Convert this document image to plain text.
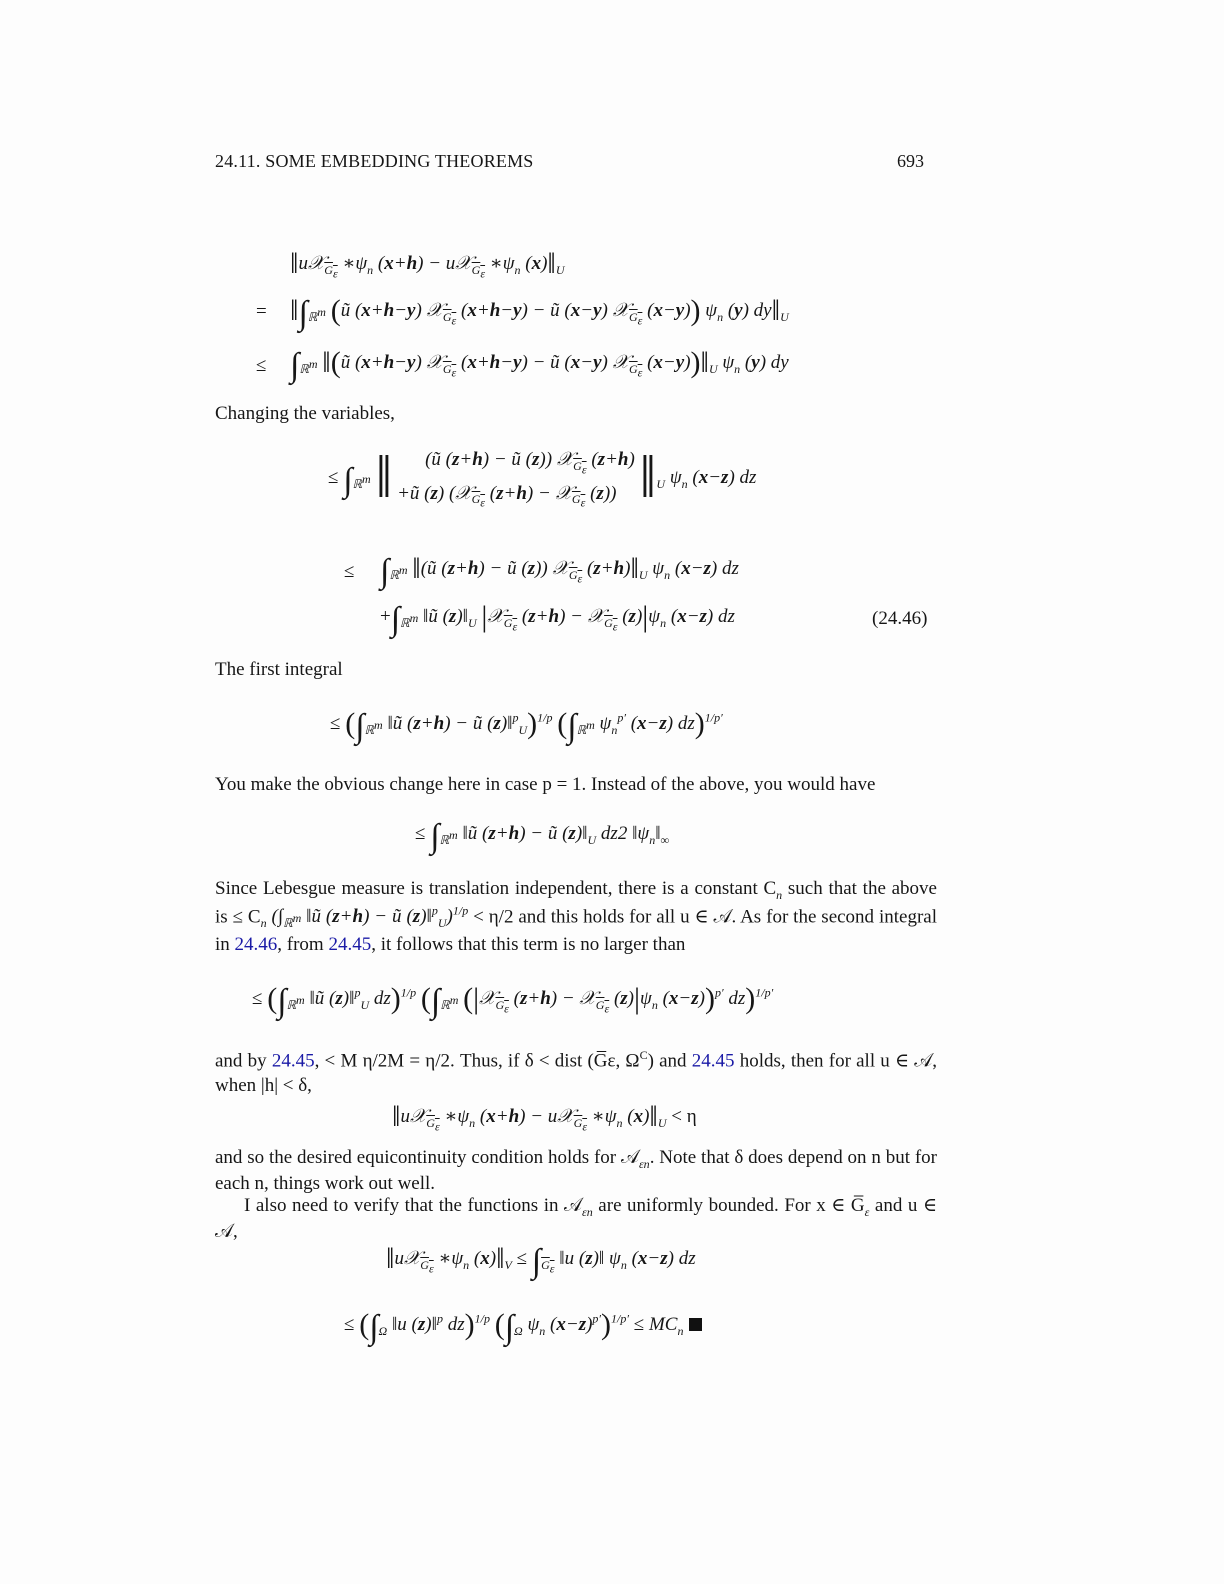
24.11. SOME EMBEDDING THEOREMS	693
‖u𝒳$_{G_\varepsilon}$ $∗\psi_n$ (x+h) − u𝒳$_{G_\varepsilon}$ $∗\psi_n$ $(x)‖_U$
= $‖\int_{ℝ^m}$ (ũ (x+h−y) 𝒳$_{G_\varepsilon}$ (x+h−y) − ũ (x−y) 𝒳$_{G_\varepsilon}$ (x−y)) $\psi_n$ (y) $dy‖_U$
≤ $\int_{ℝ^m}$ ‖(ũ (x+h−y) 𝒳$_{G_\varepsilon}$ (x+h−y) − ũ (x−y) 𝒳$_{G_\varepsilon}$ $(x-y))‖_U$ $\psi_n$ (y) dy
Changing the variables,
≤ $\int_{ℝ^m}$ ‖	(ũ (z+h) − ũ (z)) 𝒳$_{G_\varepsilon}$ (z+h)
+ũ (z) (𝒳$_{G_\varepsilon}$ (z+h) − 𝒳$_{G_\varepsilon}$ (z)) $‖_U$ $\psi_n$ (x−z) dz
≤ $\int_{ℝ^m}$ ‖(ũ (z+h) − ũ (z)) 𝒳$_{G_\varepsilon}$ $(z+h)‖_U$ $\psi_n$ (x−z) dz
$+\int_{ℝ^m}$ ‖ũ $(z)‖_U$ |𝒳$_{G_\varepsilon}$ (z+h) − 𝒳$_{G_\varepsilon}$ $(z)|\psi_n$ (x−z) dz	(24.46)
The first integral
≤ ($\int_{ℝ^m}$ ‖ũ (z+h) − ũ (z)‖$^p_U$)$^{1/p}$ ($\int_{ℝ^m}$ $\psi_n^{p'}$ (x−z) dz)$^{1/p'}$
You make the obvious change here in case p = 1. Instead of the above, you would have
≤ $\int_{ℝ^m}$ ‖ũ (z+h) − ũ $(z)‖_U$ dz2 $‖\psi_n‖_\infty$
Since Lebesgue measure is translation independent, there is a constant $C_n$ such that the above is ≤ $C_n$ ($\int_{ℝ^m}$ ‖ũ (z+h) − ũ (z)‖$^p_U$)$^{1/p}$ < η/2 and this holds for all u ∈ 𝒜. As for the second integral in 24.46, from 24.45, it follows that this term is no larger than
≤ ($\int_{ℝ^m}$ ‖ũ (z)‖$^p_U$ dz)$^{1/p}$ ($\int_{ℝ^m}$ (|𝒳$_{G_\varepsilon}$ (z+h) − 𝒳$_{G_\varepsilon}$ $(z)|\psi_n$ (x−z))$^{p'}$ dz)$^{1/p'}$
and by 24.45, < M η/2M = η/2. Thus, if δ < dist (G̅ε, $\Omega^C$) and 24.45 holds, then for all u ∈ 𝒜, when |h| < δ,
‖u𝒳$_{G_\varepsilon}$ $∗\psi_n$ (x+h) − u𝒳$_{G_\varepsilon}$ $∗\psi_n$ $(x)‖_U < \eta$
and so the desired equicontinuity condition holds for 𝒜$_{\varepsilon n}$. Note that δ does depend on n but for each n, things work out well.
I also need to verify that the functions in 𝒜$_{\varepsilon n}$ are uniformly bounded. For x ∈ $G̅_\varepsilon$ and u ∈ 𝒜,
‖u𝒳$_{G_\varepsilon}$ $∗\psi_n$ $(x)‖_V \le \int_{G_\varepsilon}$ ‖u (z)‖ $\psi_n$ (x−z) dz
≤ ($\int_\Omega$ ‖u (z)‖$^p$ dz)$^{1/p}$ ($\int_\Omega$ $\psi_n$ $(x-z)^{p'})^{1/p'} \le MC_n$
